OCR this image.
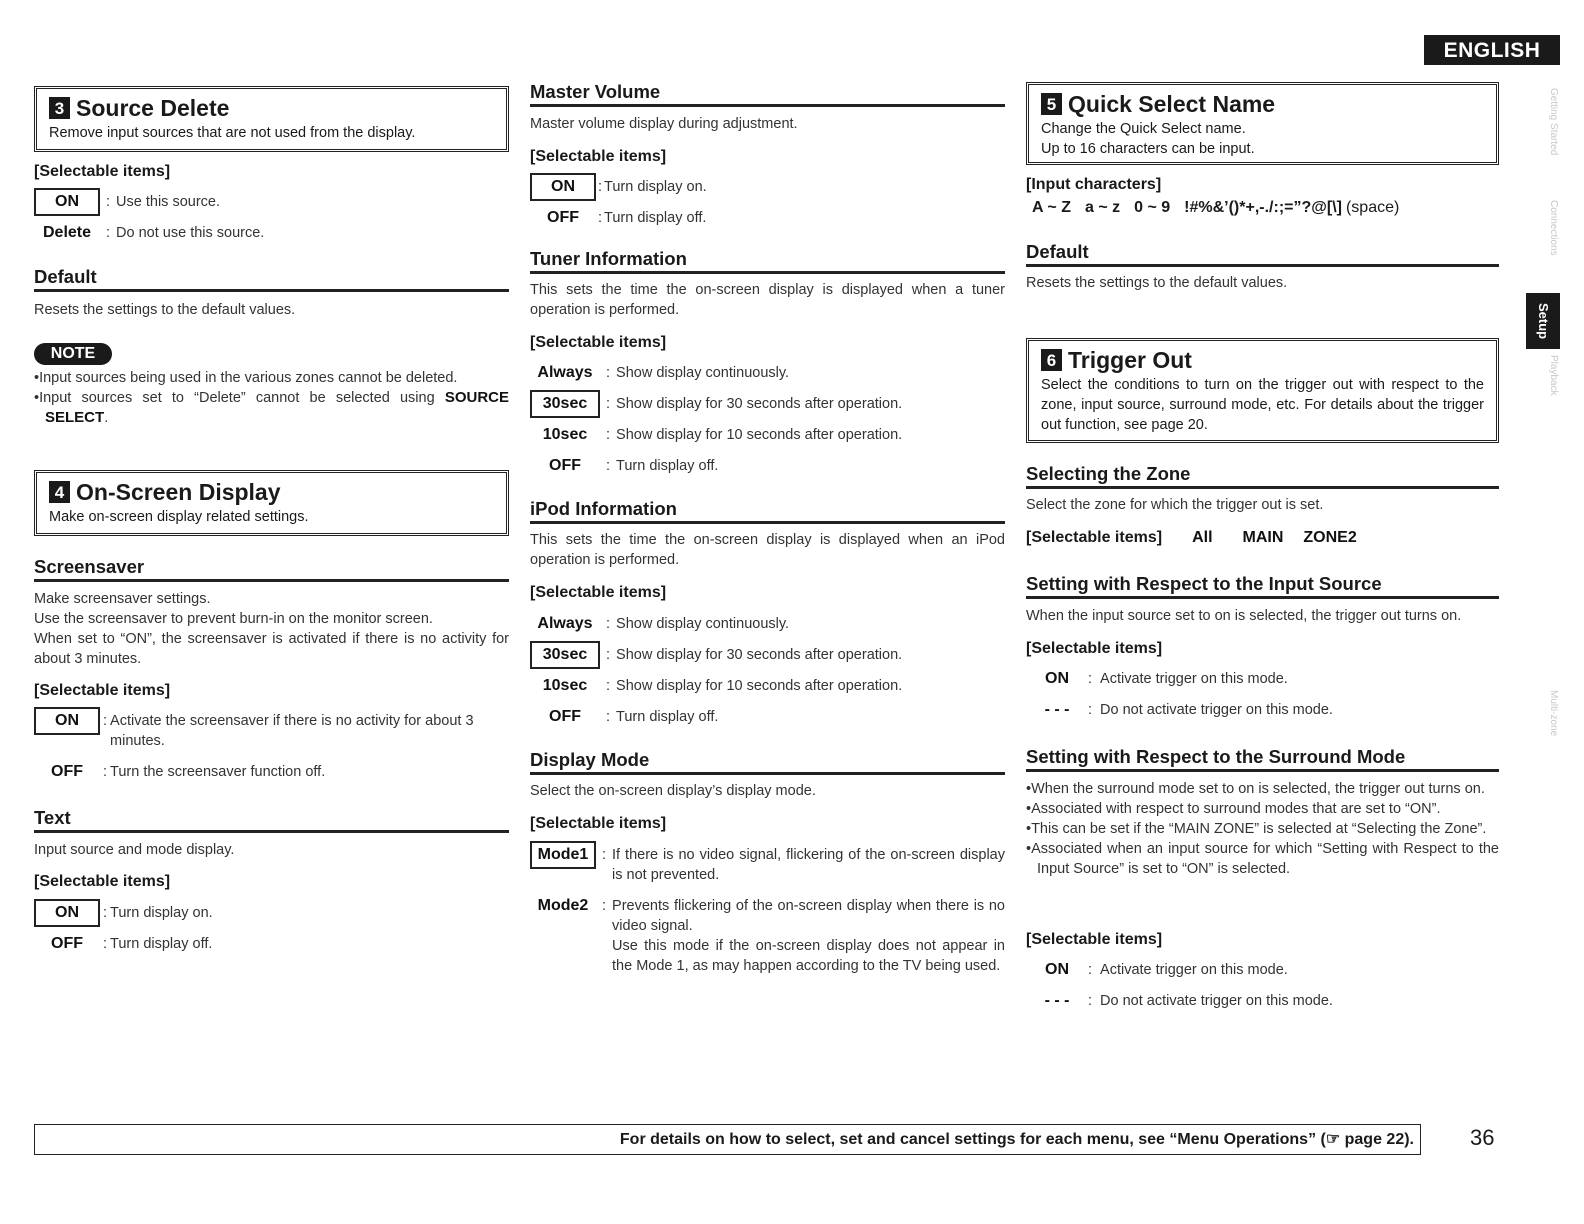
ENGLISH
Getting Started
Connections
Setup
Playback
Multi-zone
3 Source Delete

Remove input sources that are not used from the display.

[Selectable items]
ON	: Use this source.
Delete	: Do not use this source.
Default
Resets the settings to the default values.
NOTE
• Input sources being used in the various zones cannot be deleted.
• Input sources set to “Delete” cannot be selected using SOURCE SELECT.
4 On-Screen Display

Make on-screen display related settings.

Screensaver
Make screensaver settings.
Use the screensaver to prevent burn-in on the monitor screen.
When set to “ON”, the screensaver is activated if there is no activity for about 3 minutes.
[Selectable items]
ON	: Activate the screensaver if there is no activity for about 3 minutes.
OFF	: Turn the screensaver function off.
Text
Input source and mode display.
[Selectable items]
ON	: Turn display on.
OFF	: Turn display off.
Master Volume
Master volume display during adjustment.
[Selectable items]
ON	: Turn display on.
OFF	: Turn display off.
Tuner Information
This sets the time the on-screen display is displayed when a tuner operation is performed.
[Selectable items]
Always : Show display continuously.
30sec	: Show display for 30 seconds after operation.
10sec	: Show display for 10 seconds after operation.
OFF	: Turn display off.
iPod Information
This sets the time the on-screen display is displayed when an iPod operation is performed.
[Selectable items]
Always : Show display continuously.
30sec	: Show display for 30 seconds after operation.
10sec	: Show display for 10 seconds after operation.
OFF	: Turn display off.
Display Mode
Select the on-screen display’s display mode.
[Selectable items]
Mode1 : If there is no video signal, flickering of the on-screen display is not prevented.
Mode2 : Prevents flickering of the on-screen display when there is no video signal.
Use this mode if the on-screen display does not appear in the Mode 1, as may happen according to the TV being used.
5 Quick Select Name

Change the Quick Select name.

Up to 16 characters can be input.

[Input characters]
A ~ Z a ~ z 0 ~ 9 !#%&’()*+,-./:;=”?@[\] (space)
Default
Resets the settings to the default values.
6 Trigger Out

Select the conditions to turn on the trigger out with respect to the zone, input source, surround mode, etc. For details about the trigger out function, see page 20.

Selecting the Zone
Select the zone for which the trigger out is set.
[Selectable items] All MAIN ZONE2
Setting with Respect to the Input Source
When the input source set to on is selected, the trigger out turns on.
[Selectable items]
ON	: Activate trigger on this mode.
- - -	: Do not activate trigger on this mode.
Setting with Respect to the Surround Mode
• When the surround mode set to on is selected, the trigger out turns on.
• Associated with respect to surround modes that are set to “ON”.
• This can be set if the “MAIN ZONE” is selected at “Selecting the Zone”.
• Associated when an input source for which “Setting with Respect to the Input Source” is set to “ON” is selected.
[Selectable items]
ON	: Activate trigger on this mode.
- - -	: Do not activate trigger on this mode.
For details on how to select, set and cancel settings for each menu, see “Menu Operations” (☞ page 22).	36
